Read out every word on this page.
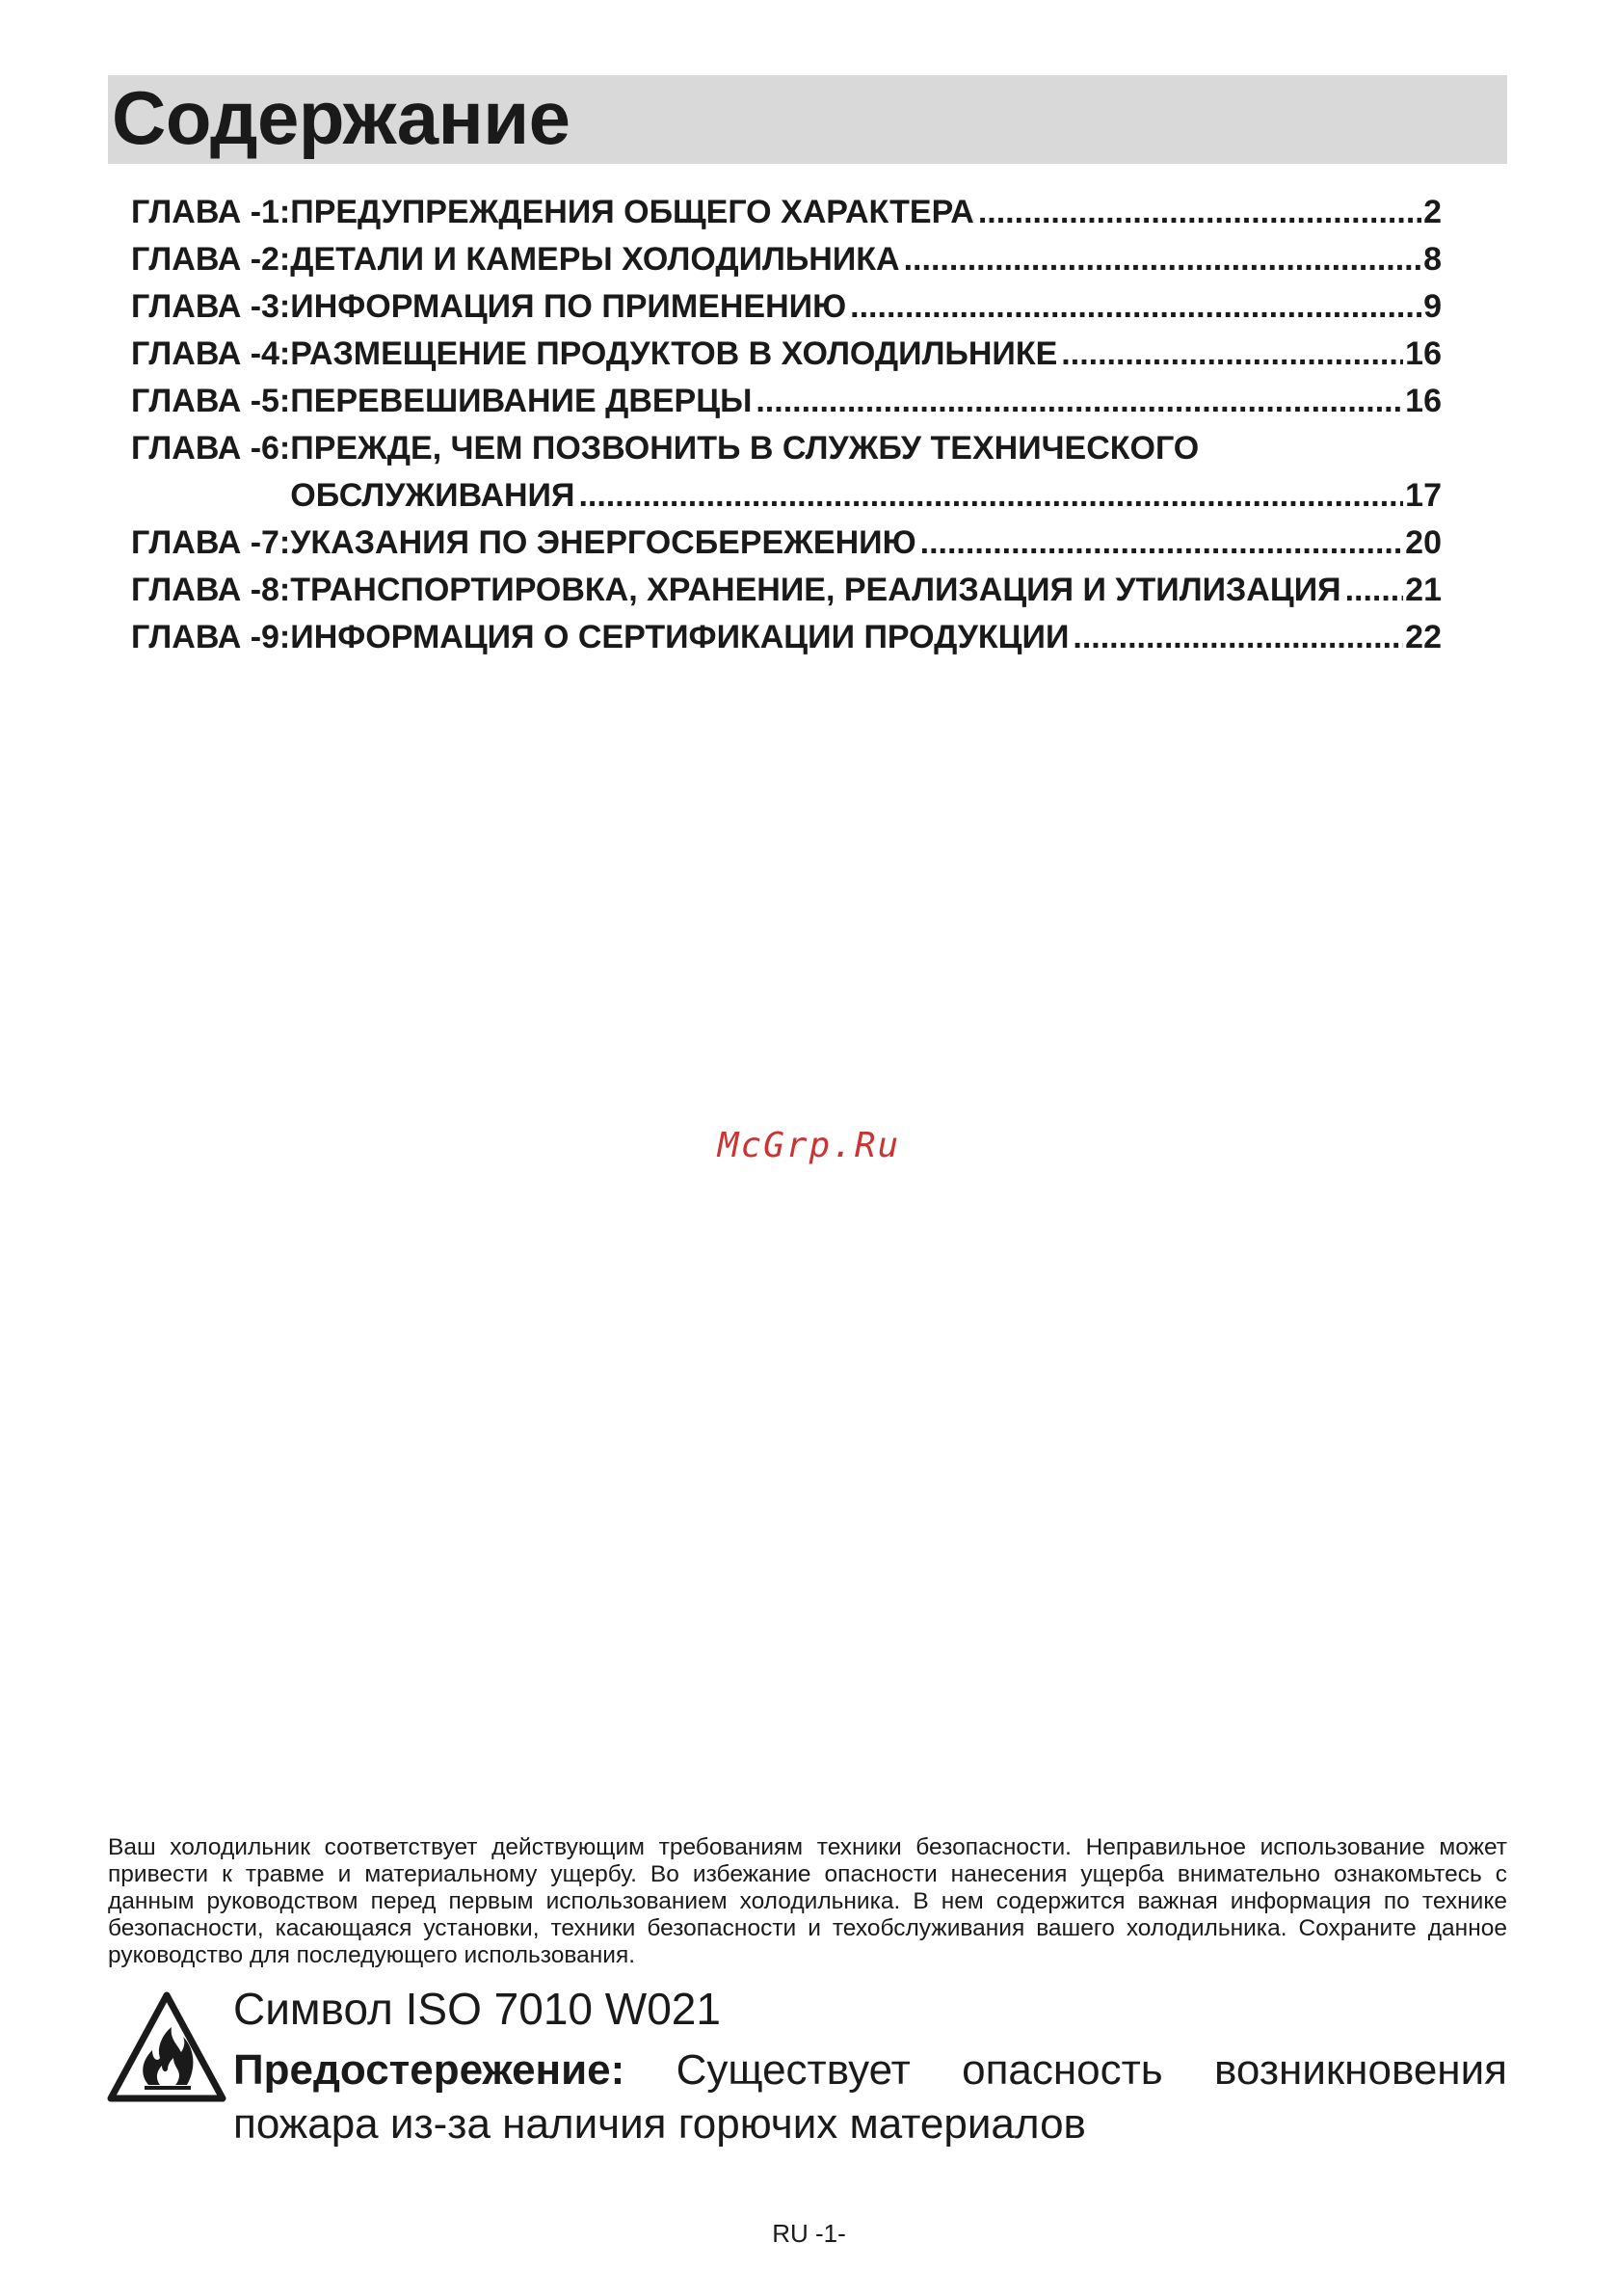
Содержание
ГЛАВА -1: ПРЕДУПРЕЖДЕНИЯ ОБЩЕГО ХАРАКТЕРА .....	2
ГЛАВА -2: ДЕТАЛИ И КАМЕРЫ ХОЛОДИЛЬНИКА .....	8
ГЛАВА -3: ИНФОРМАЦИЯ ПО ПРИМЕНЕНИЮ .....	9
ГЛАВА -4: РАЗМЕЩЕНИЕ ПРОДУКТОВ В ХОЛОДИЛЬНИКЕ .....	16
ГЛАВА -5: ПЕРЕВЕШИВАНИЕ ДВЕРЦЫ .....	16
ГЛАВА -6: ПРЕЖДЕ, ЧЕМ ПОЗВОНИТЬ В СЛУЖБУ ТЕХНИЧЕСКОГО
ОБСЛУЖИВАНИЯ .....	17
ГЛАВА -7: УКАЗАНИЯ ПО ЭНЕРГОСБЕРЕЖЕНИЮ .....	20
ГЛАВА -8: ТРАНСПОРТИРОВКА, ХРАНЕНИЕ, РЕАЛИЗАЦИЯ И УТИЛИЗАЦИЯ ..... 21
ГЛАВА -9: ИНФОРМАЦИЯ О СЕРТИФИКАЦИИ ПРОДУКЦИИ .....	22
McGrp.Ru
Ваш холодильник соответствует действующим требованиям техники безопасности. Неправильное использование может привести к травме и материальному ущербу. Во избежание опасности нанесения ущерба внимательно ознакомьтесь с данным руководством перед первым использованием холодильника. В нем содержится важная информация по технике безопасности, касающаяся установки, техники безопасности и техобслуживания вашего холодильника. Сохраните данное руководство для последующего использования.
Символ ISO 7010 W021
Предостережение: Существует опасность возникновения пожара из-за наличия горючих материалов
RU -1-
